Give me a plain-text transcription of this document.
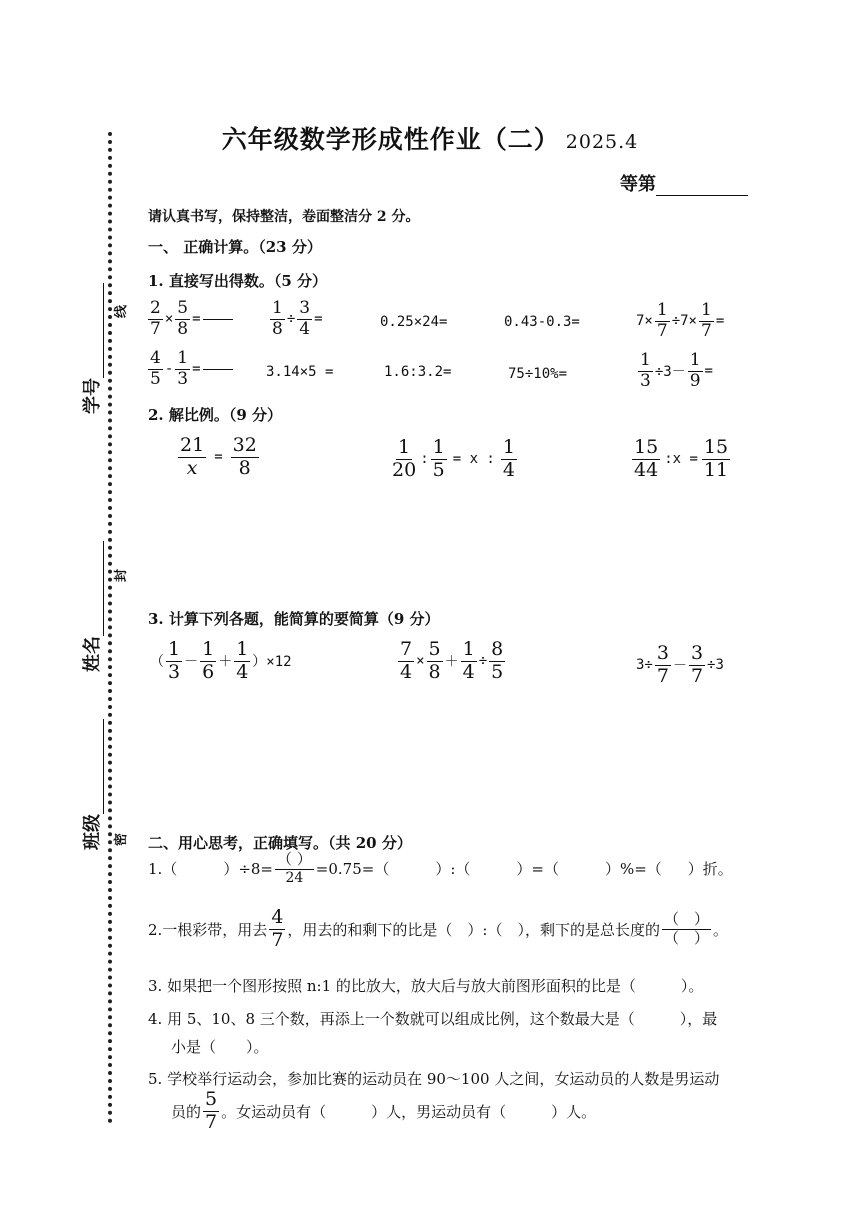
学号
姓名
班级
线
封
密
六年级数学形成性作业（二） 2025.4
等第
请认真书写，保持整洁，卷面整洁分 2 分。
一、 正确计算。（23 分）
1. 直接写出得数。（5 分）
$\frac{2}{7} \times \frac{5}{8}$ =	$\frac{1}{8} \div \frac{3}{4}$ =	0.25×24=	0.43-0.3=	$7\times \frac{1}{7} \div 7\times \frac{1}{7}$ =
$\frac{4}{5} - \frac{1}{3}$ =	3.14×5 =	1.6:3.2=	75÷10%=	$\frac{1}{3} \div 3- \frac{1}{9}$ =
2. 解比例。（9 分）
$\frac{21}{x} = \frac{32}{8}$	$\frac{1}{20}$ : $\frac{1}{5} = x$ : $\frac{1}{4}$	$\frac{15}{44}$ :x = $\frac{15}{11}$
3. 计算下列各题，能简算的要简算（9 分）
（ $\frac{1}{3} - \frac{1}{6} + \frac{1}{4} )\times 12$	$\frac{7}{4} \times \frac{5}{8} + \frac{1}{4} \div \frac{8}{5}$	$3\div \frac{3}{7} - \frac{3}{7} \div 3$
二、用心思考，正确填写。（共 20 分）
1.（	）$\div 8= \frac{( )}{24} =0.75=$（	）:（	）=（	）%=（ ）折。
2.一根彩带，用去 $\frac{4}{7}$ ，用去的和剩下的比是（　）:（　），剩下的是总长度的 $\frac{( )}{( )}$ 。
3. 如果把一个图形按照 n:1 的比放大，放大后与放大前图形面积的比是（　　　）。
4. 用 5、10、8 三个数，再添上一个数就可以组成比例，这个数最大是（　　　），最
小是（　　）。
5. 学校举行运动会，参加比赛的运动员在 90～100 人之间，女运动员的人数是男运动
员的 $\frac{5}{7}$ 。女运动员有（　　　）人，男运动员有（　　　）人。
